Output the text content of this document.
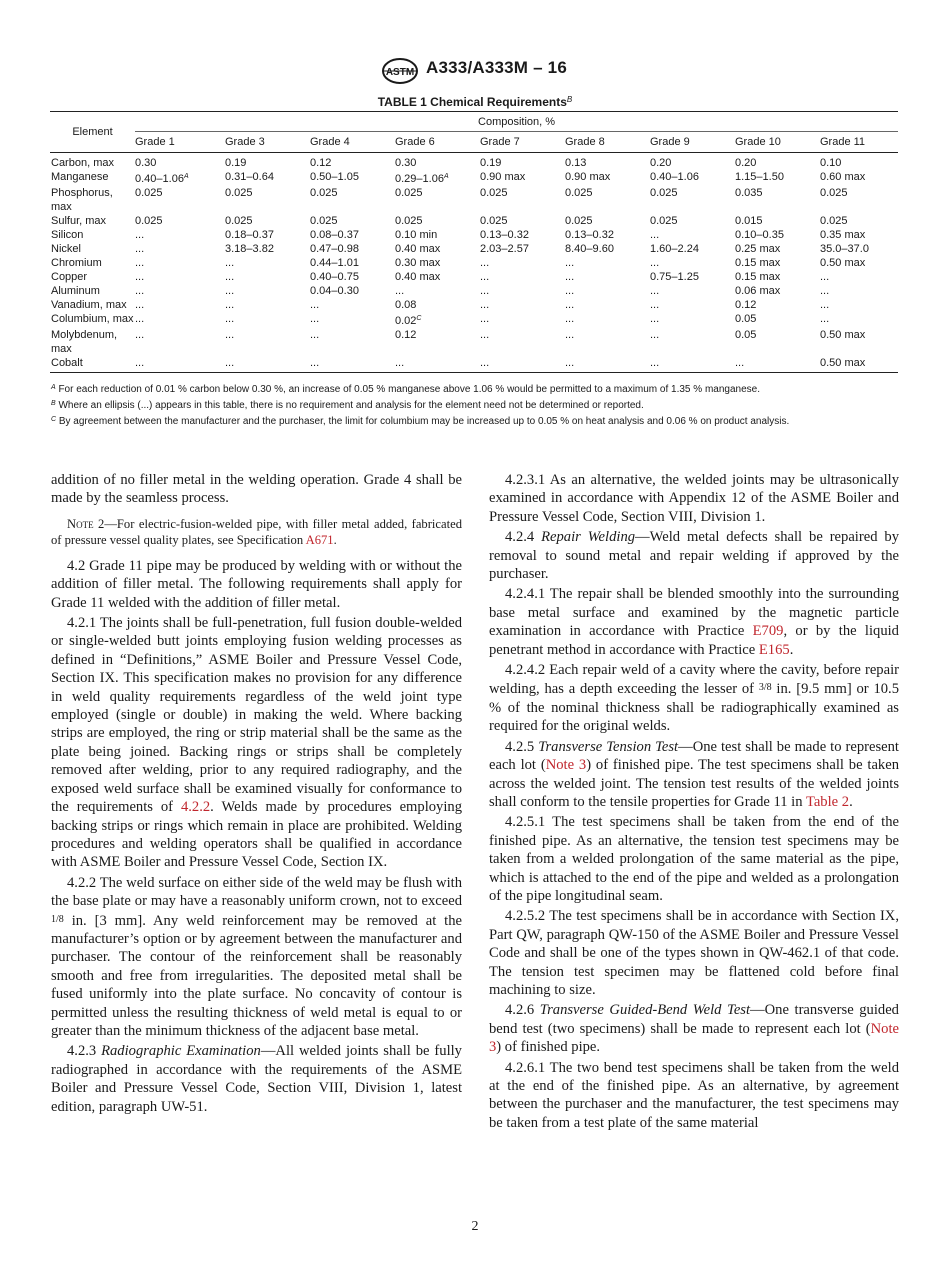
ASTM A333/A333M – 16
TABLE 1 Chemical Requirements$^B$
Element	Composition, %								
	Grade 1	Grade 3	Grade 4	Grade 6	Grade 7	Grade 8	Grade 9	Grade 10	Grade 11
Carbon, max	0.30	0.19	0.12	0.30	0.19	0.13	0.20	0.20	0.10
Manganese	$0.40-1.06^A$	0.31–0.64	0.50–1.05	$0.29-1.06^A$	0.90 max	0.90 max	0.40–1.06	1.15–1.50	0.60 max
Phosphorus, max	0.025	0.025	0.025	0.025	0.025	0.025	0.025	0.035	0.025
Sulfur, max	0.025	0.025	0.025	0.025	0.025	0.025	0.025	0.015	0.025
Silicon	...	0.18–0.37	0.08–0.37	0.10 min	0.13–0.32	0.13–0.32	...	0.10–0.35	0.35 max
Nickel	...	3.18–3.82	0.47–0.98	0.40 max	2.03–2.57	8.40–9.60	1.60–2.24	0.25 max	35.0–37.0
Chromium	...	...	0.44–1.01	0.30 max	...	...	...	0.15 max	0.50 max
Copper	...	...	0.40–0.75	0.40 max	...	...	0.75–1.25	0.15 max	...
Aluminum	...	...	0.04–0.30	...	...	...	...	0.06 max	...
Vanadium, max	...	...	...	0.08	...	...	...	0.12	...
Columbium, max	...	...	...	$0.02^C$	...	...	...	0.05	...
Molybdenum, max	...	...	...	0.12	...	...	...	0.05	0.50 max
Cobalt	...	...	...	...	...	...	...	...	0.50 max
$^A$ For each reduction of 0.01 % carbon below 0.30 %, an increase of 0.05 % manganese above 1.06 % would be permitted to a maximum of 1.35 % manganese.
$^B$ Where an ellipsis (...) appears in this table, there is no requirement and analysis for the element need not be determined or reported.
$^C$ By agreement between the manufacturer and the purchaser, the limit for columbium may be increased up to 0.05 % on heat analysis and 0.06 % on product analysis.

addition of no filler metal in the welding operation. Grade 4 shall be made by the seamless process.

Note 2—For electric-fusion-welded pipe, with filler metal added, fabricated of pressure vessel quality plates, see Specification A671.

4.2 Grade 11 pipe may be produced by welding with or without the addition of filler metal. The following requirements shall apply for Grade 11 welded with the addition of filler metal.

4.2.1 The joints shall be full-penetration, full fusion double-welded or single-welded butt joints employing fusion welding processes as defined in “Definitions,” ASME Boiler and Pressure Vessel Code, Section IX. This specification makes no provision for any difference in weld quality requirements regardless of the weld joint type employed (single or double) in making the weld. Where backing strips are employed, the ring or strip material shall be the same as the plate being joined. Backing rings or strips shall be completely removed after welding, prior to any required radiography, and the exposed weld surface shall be examined visually for conformance to the requirements of 4.2.2. Welds made by procedures employing backing strips or rings which remain in place are prohibited. Welding procedures and welding operators shall be qualified in accordance with ASME Boiler and Pressure Vessel Code, Section IX.

4.2.2 The weld surface on either side of the weld may be flush with the base plate or may have a reasonably uniform crown, not to exceed $^{1/8}$ in. [3 mm]. Any weld reinforcement may be removed at the manufacturer’s option or by agreement between the manufacturer and purchaser. The contour of the reinforcement shall be reasonably smooth and free from irregularities. The deposited metal shall be fused uniformly into the plate surface. No concavity of contour is permitted unless the resulting thickness of weld metal is equal to or greater than the minimum thickness of the adjacent base metal.

4.2.3 Radiographic Examination—All welded joints shall be fully radiographed in accordance with the requirements of the ASME Boiler and Pressure Vessel Code, Section VIII, Division 1, latest edition, paragraph UW-51.

4.2.3.1 As an alternative, the welded joints may be ultrasonically examined in accordance with Appendix 12 of the ASME Boiler and Pressure Vessel Code, Section VIII, Division 1.

4.2.4 Repair Welding—Weld metal defects shall be repaired by removal to sound metal and repair welding if approved by the purchaser.

4.2.4.1 The repair shall be blended smoothly into the surrounding base metal surface and examined by the magnetic particle examination in accordance with Practice E709, or by the liquid penetrant method in accordance with Practice E165.

4.2.4.2 Each repair weld of a cavity where the cavity, before repair welding, has a depth exceeding the lesser of $^{3/8}$ in. [9.5 mm] or 10.5 % of the nominal thickness shall be radiographically examined as required for the original welds.

4.2.5 Transverse Tension Test—One test shall be made to represent each lot (Note 3) of finished pipe. The test specimens shall be taken across the welded joint. The tension test results of the welded joints shall conform to the tensile properties for Grade 11 in Table 2.

4.2.5.1 The test specimens shall be taken from the end of the finished pipe. As an alternative, the tension test specimens may be taken from a welded prolongation of the same material as the pipe, which is attached to the end of the pipe and welded as a prolongation of the pipe longitudinal seam.

4.2.5.2 The test specimens shall be in accordance with Section IX, Part QW, paragraph QW-150 of the ASME Boiler and Pressure Vessel Code and shall be one of the types shown in QW-462.1 of that code. The tension test specimen may be flattened cold before final machining to size.

4.2.6 Transverse Guided-Bend Weld Test—One transverse guided bend test (two specimens) shall be made to represent each lot (Note 3) of finished pipe.

4.2.6.1 The two bend test specimens shall be taken from the weld at the end of the finished pipe. As an alternative, by agreement between the purchaser and the manufacturer, the test specimens may be taken from a test plate of the same material

2
